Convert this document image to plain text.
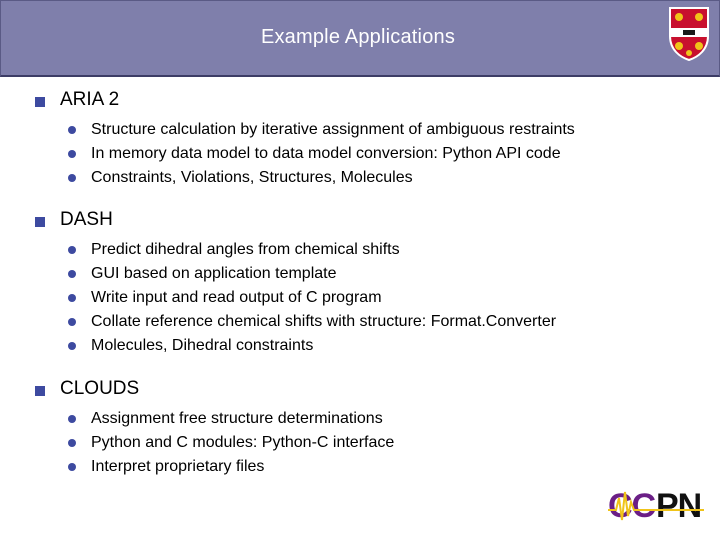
Example Applications
ARIA 2
Structure calculation by iterative assignment of ambiguous restraints
In memory data model to data model conversion: Python API code
Constraints, Violations, Structures, Molecules
DASH
Predict dihedral angles from chemical shifts
GUI based on application template
Write input and read output of C program
Collate reference chemical shifts with structure: Format.Converter
Molecules, Dihedral constraints
CLOUDS
Assignment free structure determinations
Python and C modules: Python-C interface
Interpret proprietary files
CC PN
